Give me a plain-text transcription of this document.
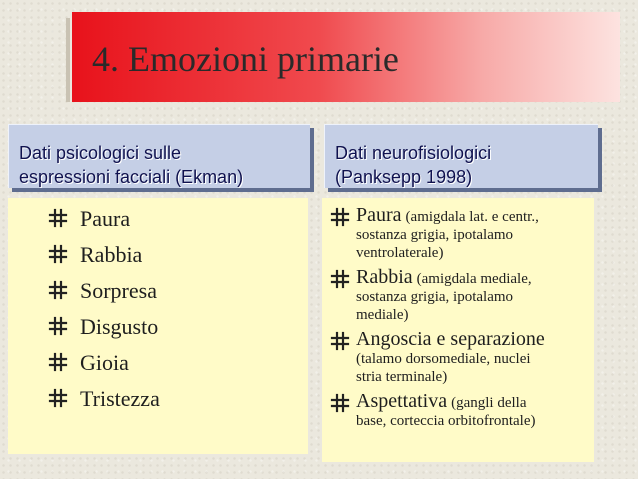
4. Emozioni primarie
Dati psicologici sulle
espressioni facciali (Ekman)
Dati neurofisiologici
(Panksepp 1998)
Paura
Rabbia
Sorpresa
Disgusto
Gioia
Tristezza
Paura (amigdala lat. e centr.,
sostanza grigia, ipotalamo
ventrolaterale)
Rabbia (amigdala mediale,
sostanza grigia, ipotalamo
mediale)
Angoscia e separazione
(talamo dorsomediale, nuclei
stria terminale)
Aspettativa (gangli della
base, corteccia orbitofrontale)
